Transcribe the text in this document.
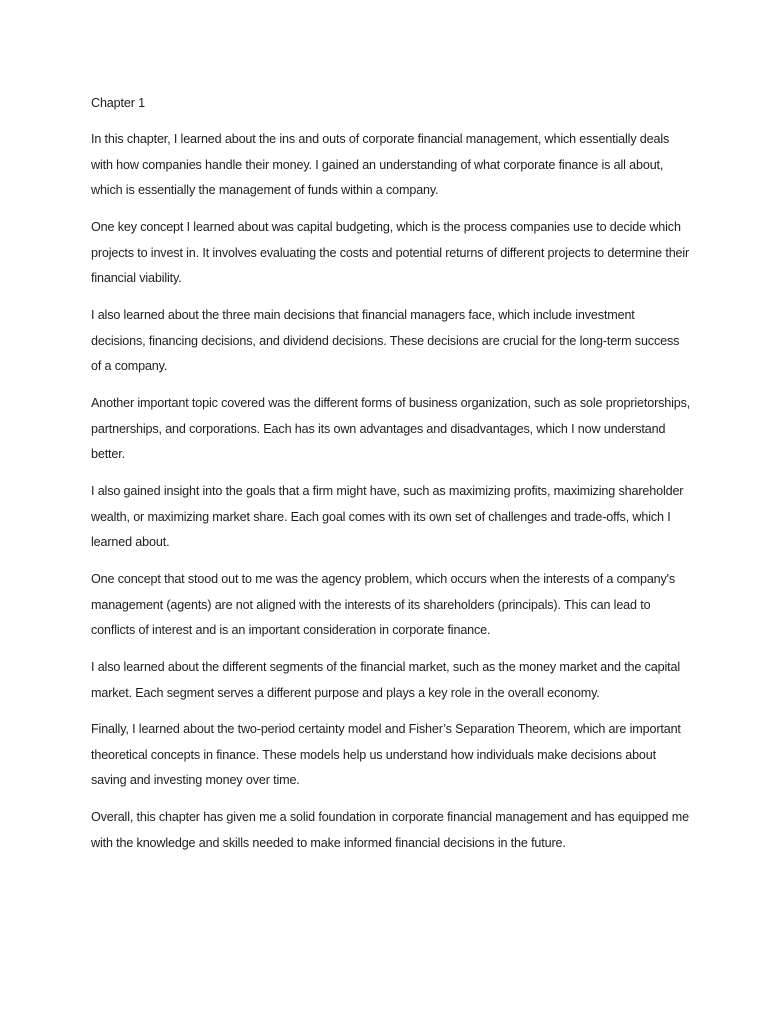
Chapter 1

In this chapter, I learned about the ins and outs of corporate financial management, which essentially deals with how companies handle their money. I gained an understanding of what corporate finance is all about, which is essentially the management of funds within a company.

One key concept I learned about was capital budgeting, which is the process companies use to decide which projects to invest in. It involves evaluating the costs and potential returns of different projects to determine their financial viability.

I also learned about the three main decisions that financial managers face, which include investment decisions, financing decisions, and dividend decisions. These decisions are crucial for the long-term success of a company.

Another important topic covered was the different forms of business organization, such as sole proprietorships, partnerships, and corporations. Each has its own advantages and disadvantages, which I now understand better.

I also gained insight into the goals that a firm might have, such as maximizing profits, maximizing shareholder wealth, or maximizing market share. Each goal comes with its own set of challenges and trade-offs, which I learned about.

One concept that stood out to me was the agency problem, which occurs when the interests of a company's management (agents) are not aligned with the interests of its shareholders (principals). This can lead to conflicts of interest and is an important consideration in corporate finance.

I also learned about the different segments of the financial market, such as the money market and the capital market. Each segment serves a different purpose and plays a key role in the overall economy.

Finally, I learned about the two-period certainty model and Fisher’s Separation Theorem, which are important theoretical concepts in finance. These models help us understand how individuals make decisions about saving and investing money over time.

Overall, this chapter has given me a solid foundation in corporate financial management and has equipped me with the knowledge and skills needed to make informed financial decisions in the future.
